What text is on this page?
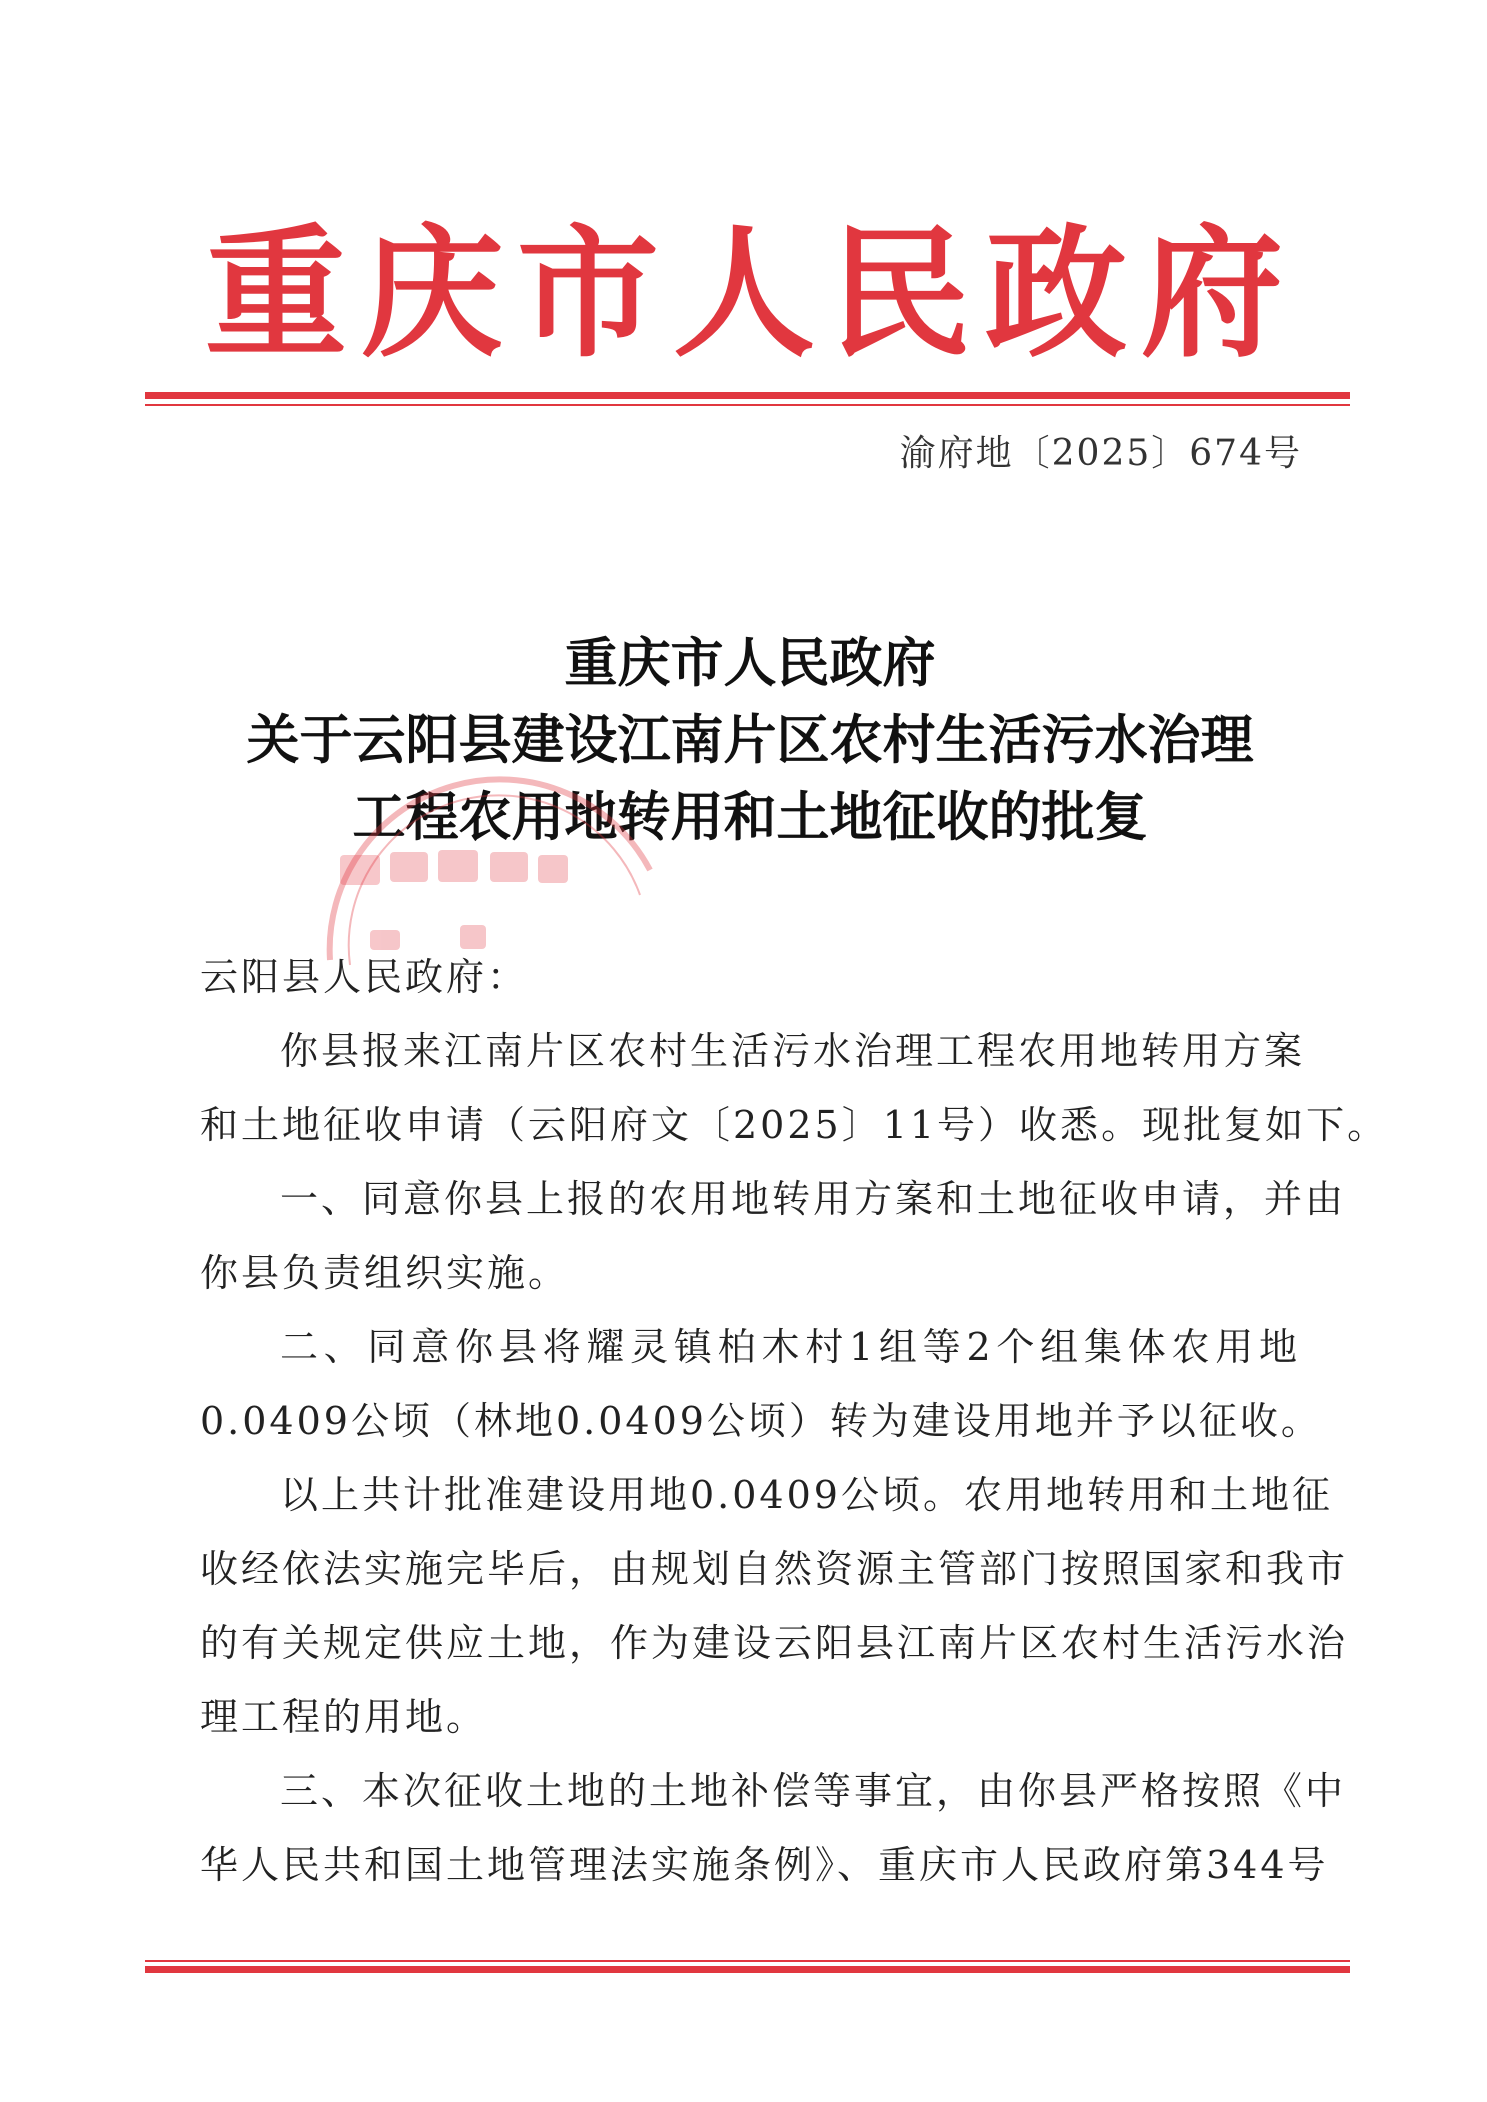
重 庆 市 人 民 政 府
渝府地〔2025〕674号
重庆市人民政府
关于云阳县建设江南片区农村生活污水治理
工程农用地转用和土地征收的批复
云阳县人民政府：
你县报来江南片区农村生活污水治理工程农用地转用方案
和土地征收申请（云阳府文〔2025〕11号）收悉。现批复如下。
一、同意你县上报的农用地转用方案和土地征收申请，并由
你县负责组织实施。
二、同意你县将耀灵镇柏木村1组等2个组集体农用地
0.0409公顷（林地0.0409公顷）转为建设用地并予以征收。
以上共计批准建设用地0.0409公顷。农用地转用和土地征
收经依法实施完毕后，由规划自然资源主管部门按照国家和我市
的有关规定供应土地，作为建设云阳县江南片区农村生活污水治
理工程的用地。
三、本次征收土地的土地补偿等事宜，由你县严格按照《中
华人民共和国土地管理法实施条例》、重庆市人民政府第344号
